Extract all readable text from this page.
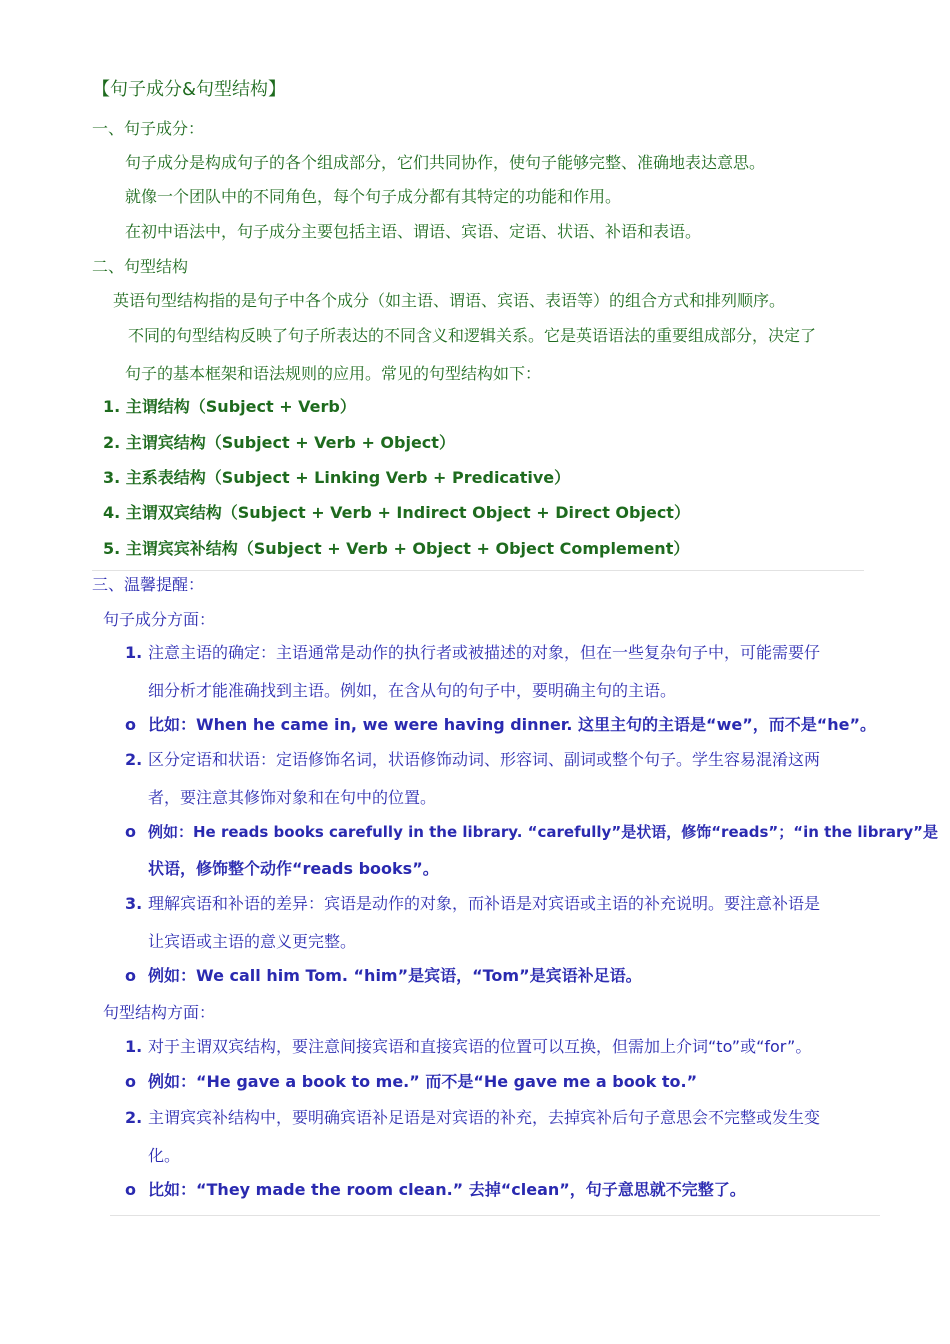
【句子成分&句型结构】
一、句子成分：
句子成分是构成句子的各个组成部分，它们共同协作，使句子能够完整、准确地表达意思。
就像一个团队中的不同角色，每个句子成分都有其特定的功能和作用。
在初中语法中，句子成分主要包括主语、谓语、宾语、定语、状语、补语和表语。
二、句型结构
英语句型结构指的是句子中各个成分（如主语、谓语、宾语、表语等）的组合方式和排列顺序。
不同的句型结构反映了句子所表达的不同含义和逻辑关系。它是英语语法的重要组成部分，决定了
句子的基本框架和语法规则的应用。常见的句型结构如下：
1. 主谓结构（Subject + Verb）
2. 主谓宾结构（Subject + Verb + Object）
3. 主系表结构（Subject + Linking Verb + Predicative）
4. 主谓双宾结构（Subject + Verb + Indirect Object + Direct Object）
5. 主谓宾宾补结构（Subject + Verb + Object + Object Complement）
三、温馨提醒：
句子成分方面：
1. 注意主语的确定：主语通常是动作的执行者或被描述的对象，但在一些复杂句子中，可能需要仔
细分析才能准确找到主语。例如，在含从句的句子中，要明确主句的主语。
o 比如：When he came in, we were having dinner. 这里主句的主语是“we”，而不是“he”。
2. 区分定语和状语：定语修饰名词，状语修饰动词、形容词、副词或整个句子。学生容易混淆这两
者，要注意其修饰对象和在句中的位置。
o 例如：He reads books carefully in the library. “carefully”是状语，修饰“reads”；“in the library”是
状语，修饰整个动作“reads books”。
3. 理解宾语和补语的差异：宾语是动作的对象，而补语是对宾语或主语的补充说明。要注意补语是
让宾语或主语的意义更完整。
o 例如：We call him Tom. “him”是宾语，“Tom”是宾语补足语。
句型结构方面：
1. 对于主谓双宾结构，要注意间接宾语和直接宾语的位置可以互换，但需加上介词“to”或“for”。
o 例如：“He gave a book to me.” 而不是“He gave me a book to.”
2. 主谓宾宾补结构中，要明确宾语补足语是对宾语的补充，去掉宾补后句子意思会不完整或发生变
化。
o 比如：“They made the room clean.” 去掉“clean”，句子意思就不完整了。
